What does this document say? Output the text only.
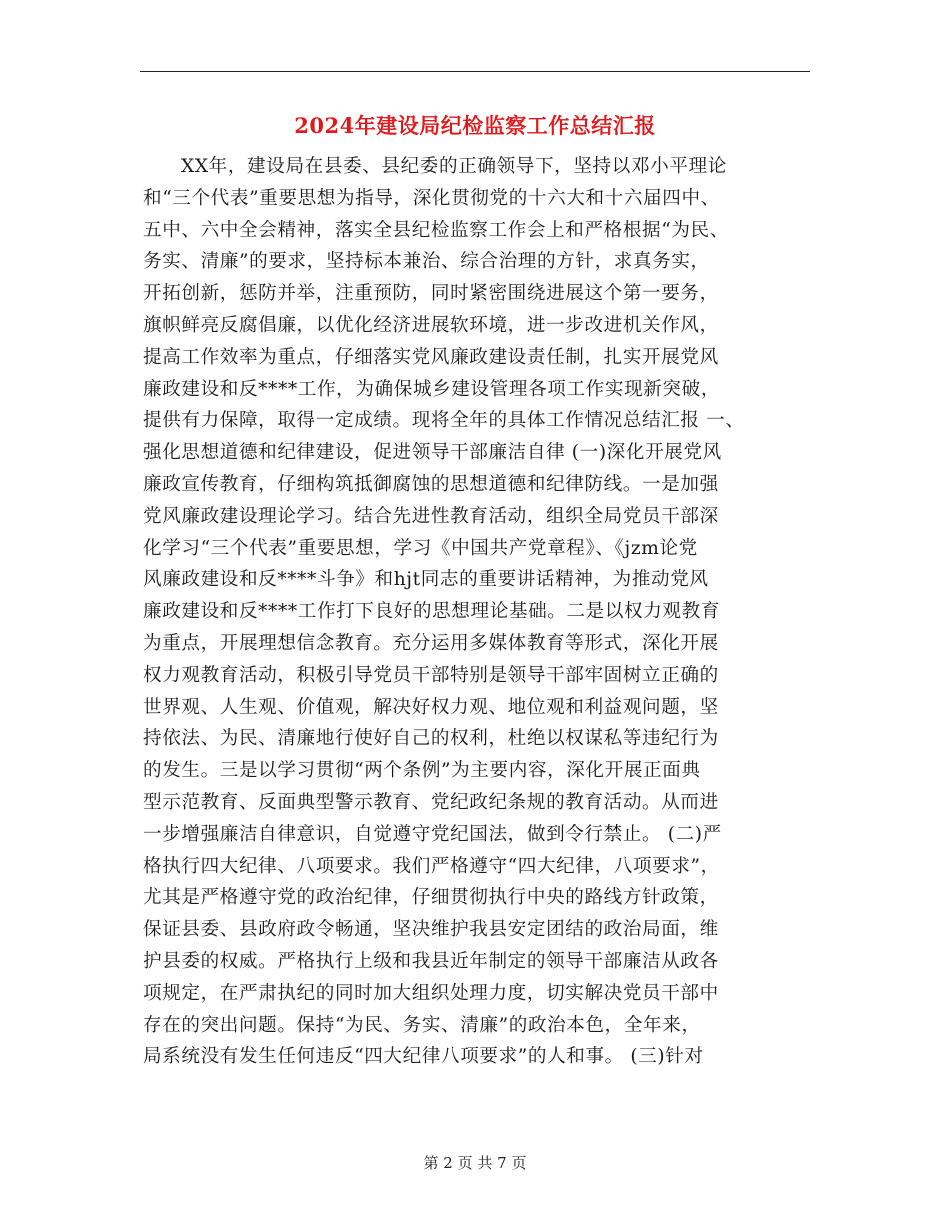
2024年建设局纪检监察工作总结汇报
XX年，建设局在县委、县纪委的正确领导下，坚持以邓小平理论
和“三个代表”重要思想为指导，深化贯彻党的十六大和十六届四中、
五中、六中全会精神，落实全县纪检监察工作会上和严格根据“为民、
务实、清廉”的要求，坚持标本兼治、综合治理的方针，求真务实，
开拓创新，惩防并举，注重预防，同时紧密围绕进展这个第一要务，
旗帜鲜亮反腐倡廉，以优化经济进展软环境，进一步改进机关作风，
提高工作效率为重点，仔细落实党风廉政建设责任制，扎实开展党风
廉政建设和反****工作，为确保城乡建设管理各项工作实现新突破，
提供有力保障，取得一定成绩。现将全年的具体工作情况总结汇报 一、
强化思想道德和纪律建设，促进领导干部廉洁自律 (一)深化开展党风
廉政宣传教育，仔细构筑抵御腐蚀的思想道德和纪律防线。一是加强
党风廉政建设理论学习。结合先进性教育活动，组织全局党员干部深
化学习“三个代表”重要思想，学习《中国共产党章程》、《jzm论党
风廉政建设和反****斗争》和hjt同志的重要讲话精神，为推动党风
廉政建设和反****工作打下良好的思想理论基础。二是以权力观教育
为重点，开展理想信念教育。充分运用多媒体教育等形式，深化开展
权力观教育活动，积极引导党员干部特别是领导干部牢固树立正确的
世界观、人生观、价值观，解决好权力观、地位观和利益观问题，坚
持依法、为民、清廉地行使好自己的权利，杜绝以权谋私等违纪行为
的发生。三是以学习贯彻“两个条例”为主要内容，深化开展正面典
型示范教育、反面典型警示教育、党纪政纪条规的教育活动。从而进
一步增强廉洁自律意识，自觉遵守党纪国法，做到令行禁止。 (二)严
格执行四大纪律、八项要求。我们严格遵守“四大纪律，八项要求”，
尤其是严格遵守党的政治纪律，仔细贯彻执行中央的路线方针政策，
保证县委、县政府政令畅通，坚决维护我县安定团结的政治局面，维
护县委的权威。严格执行上级和我县近年制定的领导干部廉洁从政各
项规定，在严肃执纪的同时加大组织处理力度，切实解决党员干部中
存在的突出问题。保持“为民、务实、清廉”的政治本色，全年来，
局系统没有发生任何违反“四大纪律八项要求”的人和事。 (三)针对
第 2 页 共 7 页
